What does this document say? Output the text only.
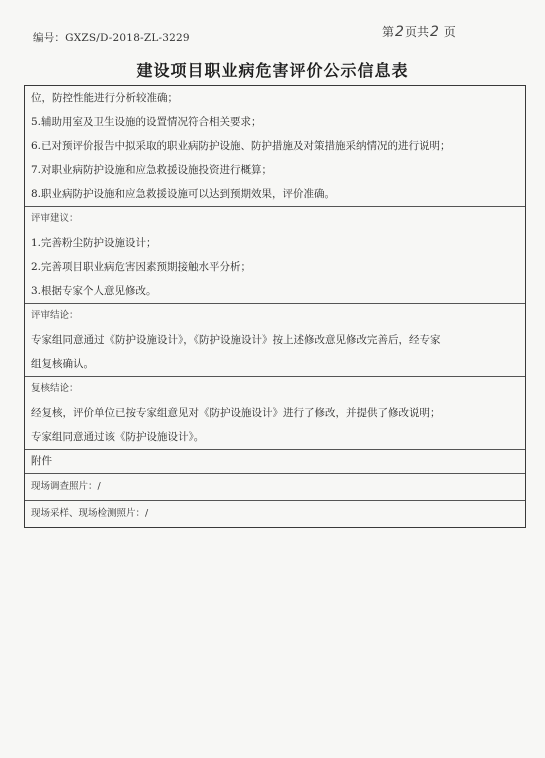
编号：GXZS/D-2018-ZL-3229	第2页共2 页
建设项目职业病危害评价公示信息表
位，防控性能进行分析较准确；
5.辅助用室及卫生设施的设置情况符合相关要求；
6.已对预评价报告中拟采取的职业病防护设施、防护措施及对策措施采纳情况的进行说明；
7.对职业病防护设施和应急救援设施投资进行概算；
8.职业病防护设施和应急救援设施可以达到预期效果，评价准确。
评审建议：
1.完善粉尘防护设施设计；
2.完善项目职业病危害因素预期接触水平分析；
3.根据专家个人意见修改。
评审结论：
专家组同意通过《防护设施设计》，《防护设施设计》按上述修改意见修改完善后，经专家
组复核确认。
复核结论：
经复核，评价单位已按专家组意见对《防护设施设计》进行了修改，并提供了修改说明；
专家组同意通过该《防护设施设计》。
附件
现场调查照片：/
现场采样、现场检测照片：/
